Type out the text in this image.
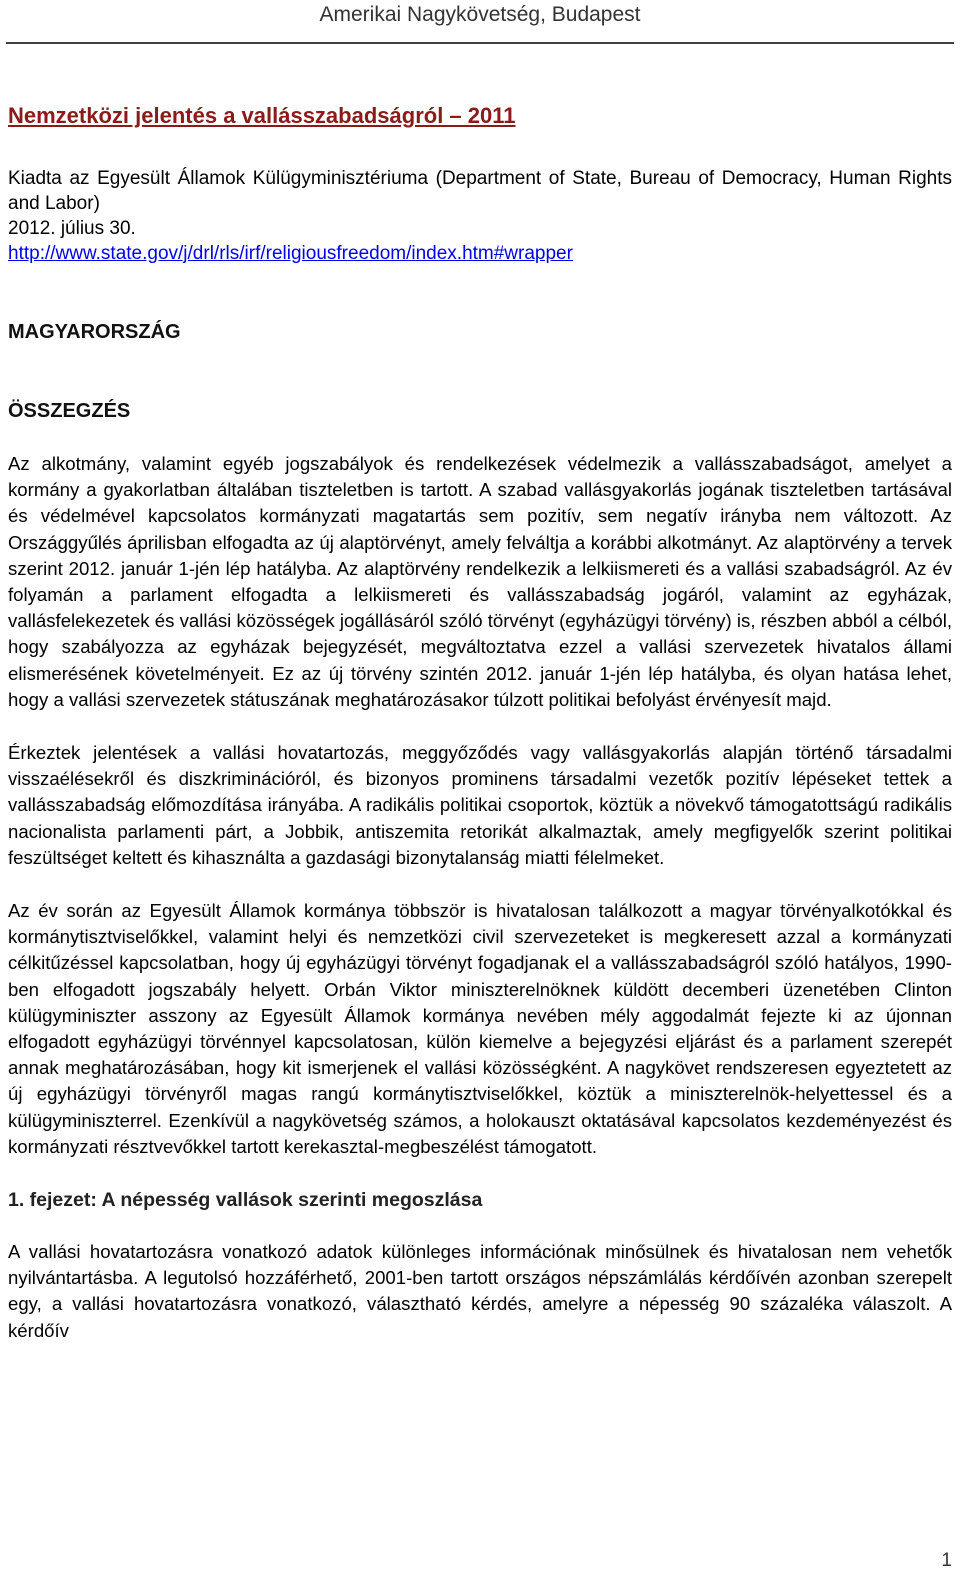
Amerikai Nagykövetség, Budapest
Nemzetközi jelentés a vallásszabadságról – 2011

Kiadta az Egyesült Államok Külügyminisztériuma (Department of State, Bureau of Democracy, Human Rights and Labor)

2012. július 30.

http://www.state.gov/j/drl/rls/irf/religiousfreedom/index.htm#wrapper

MAGYARORSZÁG
ÖSSZEGZÉS

Az alkotmány, valamint egyéb jogszabályok és rendelkezések védelmezik a vallásszabadságot, amelyet a kormány a gyakorlatban általában tiszteletben is tartott. A szabad vallásgyakorlás jogának tiszteletben tartásával és védelmével kapcsolatos kormányzati magatartás sem pozitív, sem negatív irányba nem változott. Az Országgyűlés áprilisban elfogadta az új alaptörvényt, amely felváltja a korábbi alkotmányt. Az alaptörvény a tervek szerint 2012. január 1-jén lép hatályba. Az alaptörvény rendelkezik a lelkiismereti és a vallási szabadságról. Az év folyamán a parlament elfogadta a lelkiismereti és vallásszabadság jogáról, valamint az egyházak, vallásfelekezetek és vallási közösségek jogállásáról szóló törvényt (egyházügyi törvény) is, részben abból a célból, hogy szabályozza az egyházak bejegyzését, megváltoztatva ezzel a vallási szervezetek hivatalos állami elismerésének követelményeit. Ez az új törvény szintén 2012. január 1-jén lép hatályba, és olyan hatása lehet, hogy a vallási szervezetek státuszának meghatározásakor túlzott politikai befolyást érvényesít majd.

Érkeztek jelentések a vallási hovatartozás, meggyőződés vagy vallásgyakorlás alapján történő társadalmi visszaélésekről és diszkriminációról, és bizonyos prominens társadalmi vezetők pozitív lépéseket tettek a vallásszabadság előmozdítása irányába. A radikális politikai csoportok, köztük a növekvő támogatottságú radikális nacionalista parlamenti párt, a Jobbik, antiszemita retorikát alkalmaztak, amely megfigyelők szerint politikai feszültséget keltett és kihasználta a gazdasági bizonytalanság miatti félelmeket.

Az év során az Egyesült Államok kormánya többször is hivatalosan találkozott a magyar törvényalkotókkal és kormánytisztviselőkkel, valamint helyi és nemzetközi civil szervezeteket is megkeresett azzal a kormányzati célkitűzéssel kapcsolatban, hogy új egyházügyi törvényt fogadjanak el a vallásszabadságról szóló hatályos, 1990-ben elfogadott jogszabály helyett. Orbán Viktor miniszterelnöknek küldött decemberi üzenetében Clinton külügyminiszter asszony az Egyesült Államok kormánya nevében mély aggodalmát fejezte ki az újonnan elfogadott egyházügyi törvénnyel kapcsolatosan, külön kiemelve a bejegyzési eljárást és a parlament szerepét annak meghatározásában, hogy kit ismerjenek el vallási közösségként. A nagykövet rendszeresen egyeztetett az új egyházügyi törvényről magas rangú kormánytisztviselőkkel, köztük a miniszterelnök-helyettessel és a külügyminiszterrel. Ezenkívül a nagykövetség számos, a holokauszt oktatásával kapcsolatos kezdeményezést és kormányzati résztvevőkkel tartott kerekasztal-megbeszélést támogatott.

1. fejezet: A népesség vallások szerinti megoszlása

A vallási hovatartozásra vonatkozó adatok különleges információnak minősülnek és hivatalosan nem vehetők nyilvántartásba. A legutolsó hozzáférhető, 2001-ben tartott országos népszámlálás kérdőívén azonban szerepelt egy, a vallási hovatartozásra vonatkozó, választható kérdés, amelyre a népesség 90 százaléka válaszolt. A kérdőív

1
